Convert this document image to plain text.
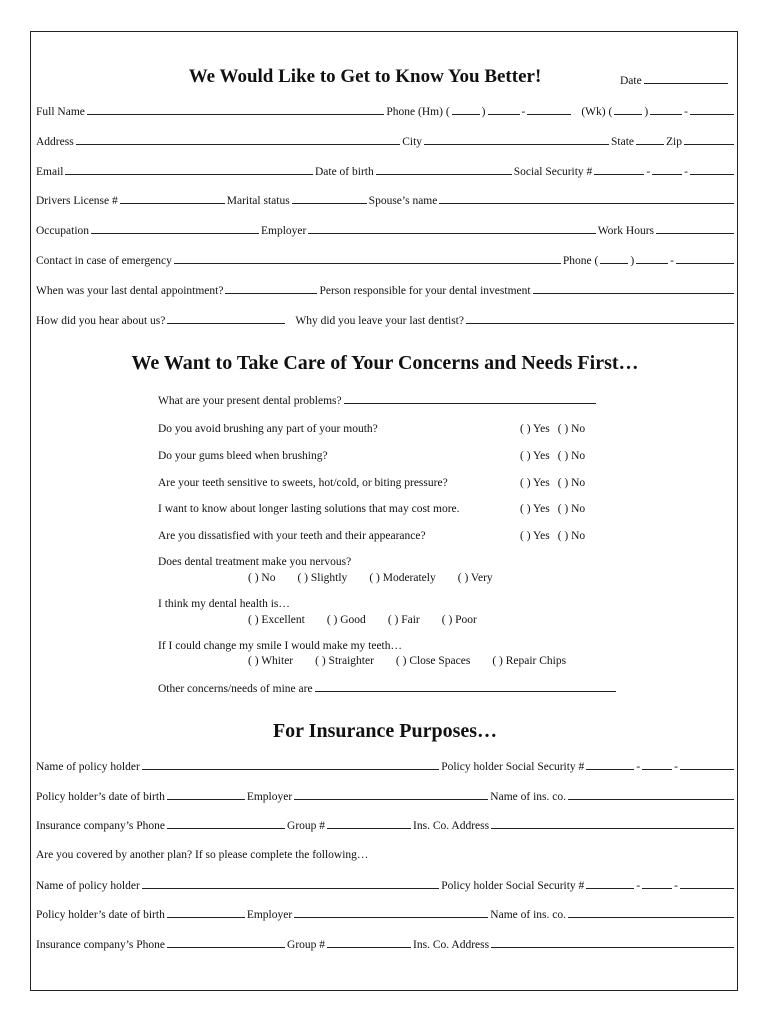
We Would Like to Get to Know You Better!	Date
Full Name	Phone (Hm) (	)	-	(Wk) (	)	-
Address	City	State	Zip
Email	Date of birth	Social Security #	-	-
Drivers License #	Marital status	Spouse’s name
Occupation	Employer	Work Hours
Contact in case of emergency	Phone (	)	-
When was your last dental appointment?	Person responsible for your dental investment
How did you hear about us?	Why did you leave your last dentist?
We Want to Take Care of Your Concerns and Needs First…
What are your present dental problems?
Do you avoid brushing any part of your mouth?	( ) Yes ( ) No
Do your gums bleed when brushing?	( ) Yes ( ) No
Are your teeth sensitive to sweets, hot/cold, or biting pressure?	( ) Yes ( ) No
I want to know about longer lasting solutions that may cost more.	( ) Yes ( ) No
Are you dissatisfied with your teeth and their appearance?	( ) Yes ( ) No
Does dental treatment make you nervous?
( ) No ( ) Slightly ( ) Moderately ( ) Very
I think my dental health is…
( ) Excellent ( ) Good ( ) Fair ( ) Poor
If I could change my smile I would make my teeth…
( ) Whiter ( ) Straighter ( ) Close Spaces ( ) Repair Chips
Other concerns/needs of mine are
For Insurance Purposes…
Name of policy holder	Policy holder Social Security #	-	-
Policy holder’s date of birth	Employer	Name of ins. co.
Insurance company’s Phone	Group #	Ins. Co. Address
Are you covered by another plan? If so please complete the following…
Name of policy holder	Policy holder Social Security #	-	-
Policy holder’s date of birth	Employer	Name of ins. co.
Insurance company’s Phone	Group #	Ins. Co. Address
